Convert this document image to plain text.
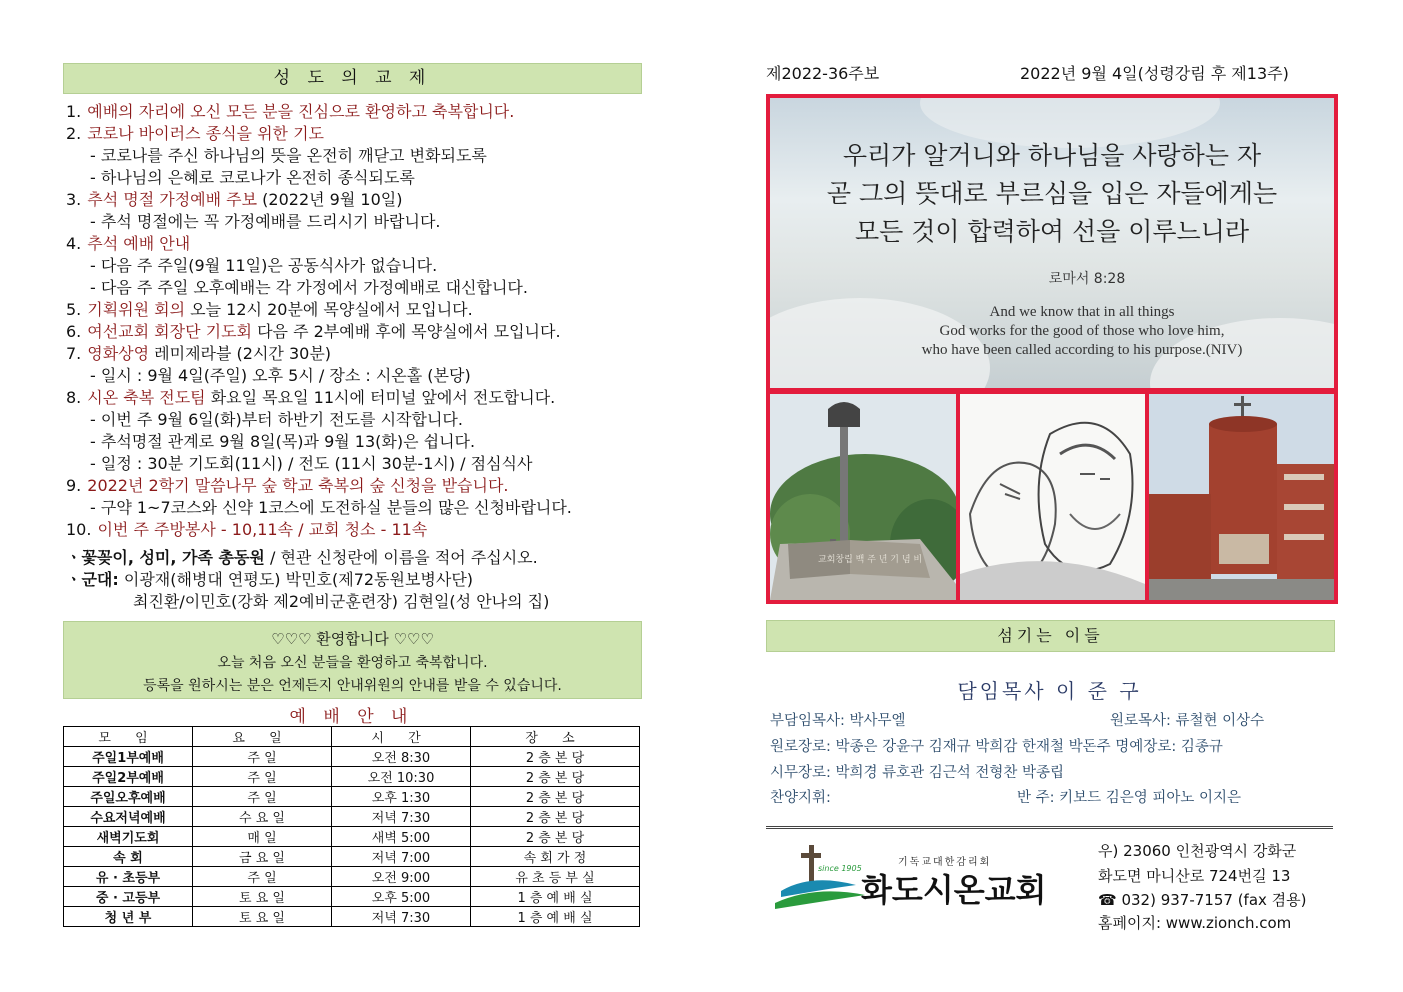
성 도 의 교 제
1. 예배의 자리에 오신 모든 분을 진심으로 환영하고 축복합니다.
2. 코로나 바이러스 종식을 위한 기도
- 코로나를 주신 하나님의 뜻을 온전히 깨닫고 변화되도록
- 하나님의 은혜로 코로나가 온전히 종식되도록
3. 추석 명절 가정예배 주보 (2022년 9월 10일)
- 추석 명절에는 꼭 가정예배를 드리시기 바랍니다.
4. 추석 예배 안내
- 다음 주 주일(9월 11일)은 공동식사가 없습니다.
- 다음 주 주일 오후예배는 각 가정에서 가정예배로 대신합니다.
5. 기획위원 회의 오늘 12시 20분에 목양실에서 모입니다.
6. 여선교회 회장단 기도회 다음 주 2부예배 후에 목양실에서 모입니다.
7. 영화상영 레미제라블 (2시간 30분)
- 일시 : 9월 4일(주일) 오후 5시 / 장소 : 시온홀 (본당)
8. 시온 축복 전도팀 화요일 목요일 11시에 터미널 앞에서 전도합니다.
- 이번 주 9월 6일(화)부터 하반기 전도를 시작합니다.
- 추석명절 관계로 9월 8일(목)과 9월 13(화)은 쉽니다.
- 일정 : 30분 기도회(11시) / 전도 (11시 30분-1시) / 점심식사
9. 2022년 2학기 말씀나무 숲 학교 축복의 숲 신청을 받습니다.
- 구약 1~7코스와 신약 1코스에 도전하실 분들의 많은 신청바랍니다.
10. 이번 주 주방봉사 - 10,11속 / 교회 청소 - 11속
ㆍ꽃꽂이, 성미, 가족 총동원 / 현관 신청란에 이름을 적어 주십시오.
ㆍ군대: 이광재(해병대 연평도) 박민호(제72동원보병사단)
최진환/이민호(강화 제2예비군훈련장) 김현일(성 안나의 집)
♡♡♡ 환영합니다 ♡♡♡
오늘 처음 오신 분들을 환영하고 축복합니다.
등록을 원하시는 분은 언제든지 안내위원의 안내를 받을 수 있습니다.
예 배 안 내
모 임	요 일	시 간	장 소
주일1부예배	주 일	오전 8:30	2 층 본 당
주일2부예배	주 일	오전 10:30	2 층 본 당
주일오후예배	주 일	오후 1:30	2 층 본 당
수요저녁예배	수 요 일	저녁 7:30	2 층 본 당
새벽기도회	매 일	새벽 5:00	2 층 본 당
속 회	금 요 일	저녁 7:00	속 회 가 정
유 · 초등부	주 일	오전 9:00	유 초 등 부 실
중 · 고등부	토 요 일	오후 5:00	1 층 예 배 실
청 년 부	토 요 일	저녁 7:30	1 층 예 배 실
제2022-36주보	2022년 9월 4일(성령강림 후 제13주)
우리가 알거니와 하나님을 사랑하는 자
곧 그의 뜻대로 부르심을 입은 자들에게는
모든 것이 합력하여 선을 이루느니라
로마서 8:28
And we know that in all things
God works for the good of those who love him,
who have been called according to his purpose.(NIV)
교회창립 백 주 년 기 념 비
섬기는 이들
담임목사 이 준 구
부담임목사: 박사무엘	원로목사: 류철현 이상수
원로장로: 박종은 강윤구 김재규 박희감 한재철 박돈주 명예장로: 김종규
시무장로: 박희경 류호관 김근석 전형찬 박종립
찬양지휘:	반 주: 키보드 김은영 피아노 이지은
since 1905
기독교대한감리회
화도시온교회
우) 23060 인천광역시 강화군
화도면 마니산로 724번길 13
☎ 032) 937-7157 (fax 겸용)
홈페이지: www.zionch.com
